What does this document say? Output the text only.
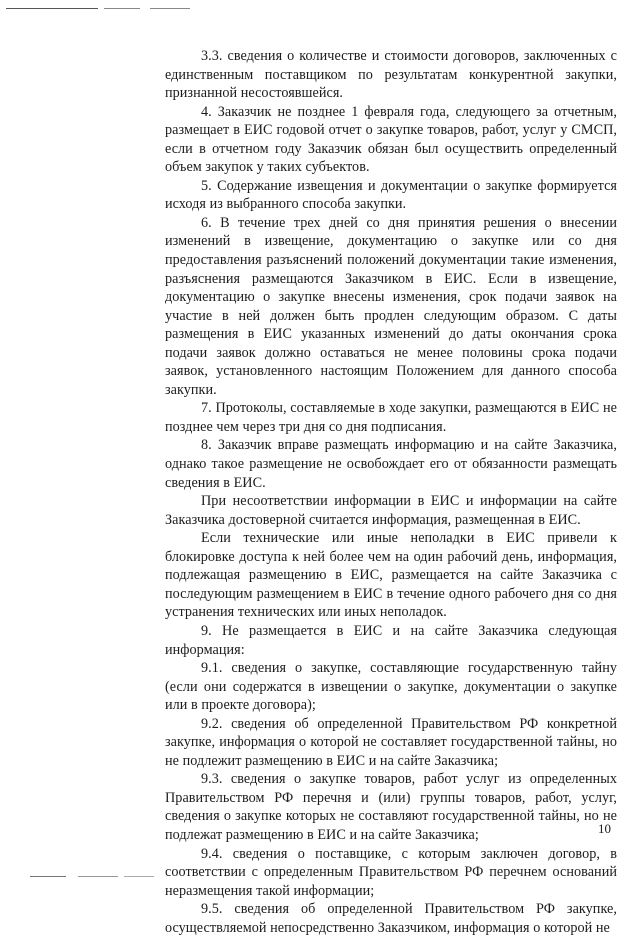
3.3. сведения о количестве и стоимости договоров, заключенных с единственным поставщиком по результатам конкурентной закупки, признанной несостоявшейся.

4. Заказчик не позднее 1 февраля года, следующего за отчетным, размещает в ЕИС годовой отчет о закупке товаров, работ, услуг у СМСП, если в отчетном году Заказчик обязан был осуществить определенный объем закупок у таких субъектов.

5. Содержание извещения и документации о закупке формируется исходя из выбранного способа закупки.

6. В течение трех дней со дня принятия решения о внесении изменений в извещение, документацию о закупке или со дня предоставления разъяснений положений документации такие изменения, разъяснения размещаются Заказчиком в ЕИС. Если в извещение, документацию о закупке внесены изменения, срок подачи заявок на участие в ней должен быть продлен следующим образом. С даты размещения в ЕИС указанных изменений до даты окончания срока подачи заявок должно оставаться не менее половины срока подачи заявок, установленного настоящим Положением для данного способа закупки.

7. Протоколы, составляемые в ходе закупки, размещаются в ЕИС не позднее чем через три дня со дня подписания.

8. Заказчик вправе размещать информацию и на сайте Заказчика, однако такое размещение не освобождает его от обязанности размещать сведения в ЕИС.

При несоответствии информации в ЕИС и информации на сайте Заказчика достоверной считается информация, размещенная в ЕИС.

Если технические или иные неполадки в ЕИС привели к блокировке доступа к ней более чем на один рабочий день, информация, подлежащая размещению в ЕИС, размещается на сайте Заказчика с последующим размещением в ЕИС в течение одного рабочего дня со дня устранения технических или иных неполадок.

9. Не размещается в ЕИС и на сайте Заказчика следующая информация:

9.1. сведения о закупке, составляющие государственную тайну (если они содержатся в извещении о закупке, документации о закупке или в проекте договора);

9.2. сведения об определенной Правительством РФ конкретной закупке, информация о которой не составляет государственной тайны, но не подлежит размещению в ЕИС и на сайте Заказчика;

9.3. сведения о закупке товаров, работ услуг из определенных Правительством РФ перечня и (или) группы товаров, работ, услуг, сведения о закупке которых не составляют государственной тайны, но не подлежат размещению в ЕИС и на сайте Заказчика;

9.4. сведения о поставщике, с которым заключен договор, в соответствии с определенным Правительством РФ перечнем оснований неразмещения такой информации;

9.5. сведения об определенной Правительством РФ закупке, осуществляемой непосредственно Заказчиком, информация о которой не

10
